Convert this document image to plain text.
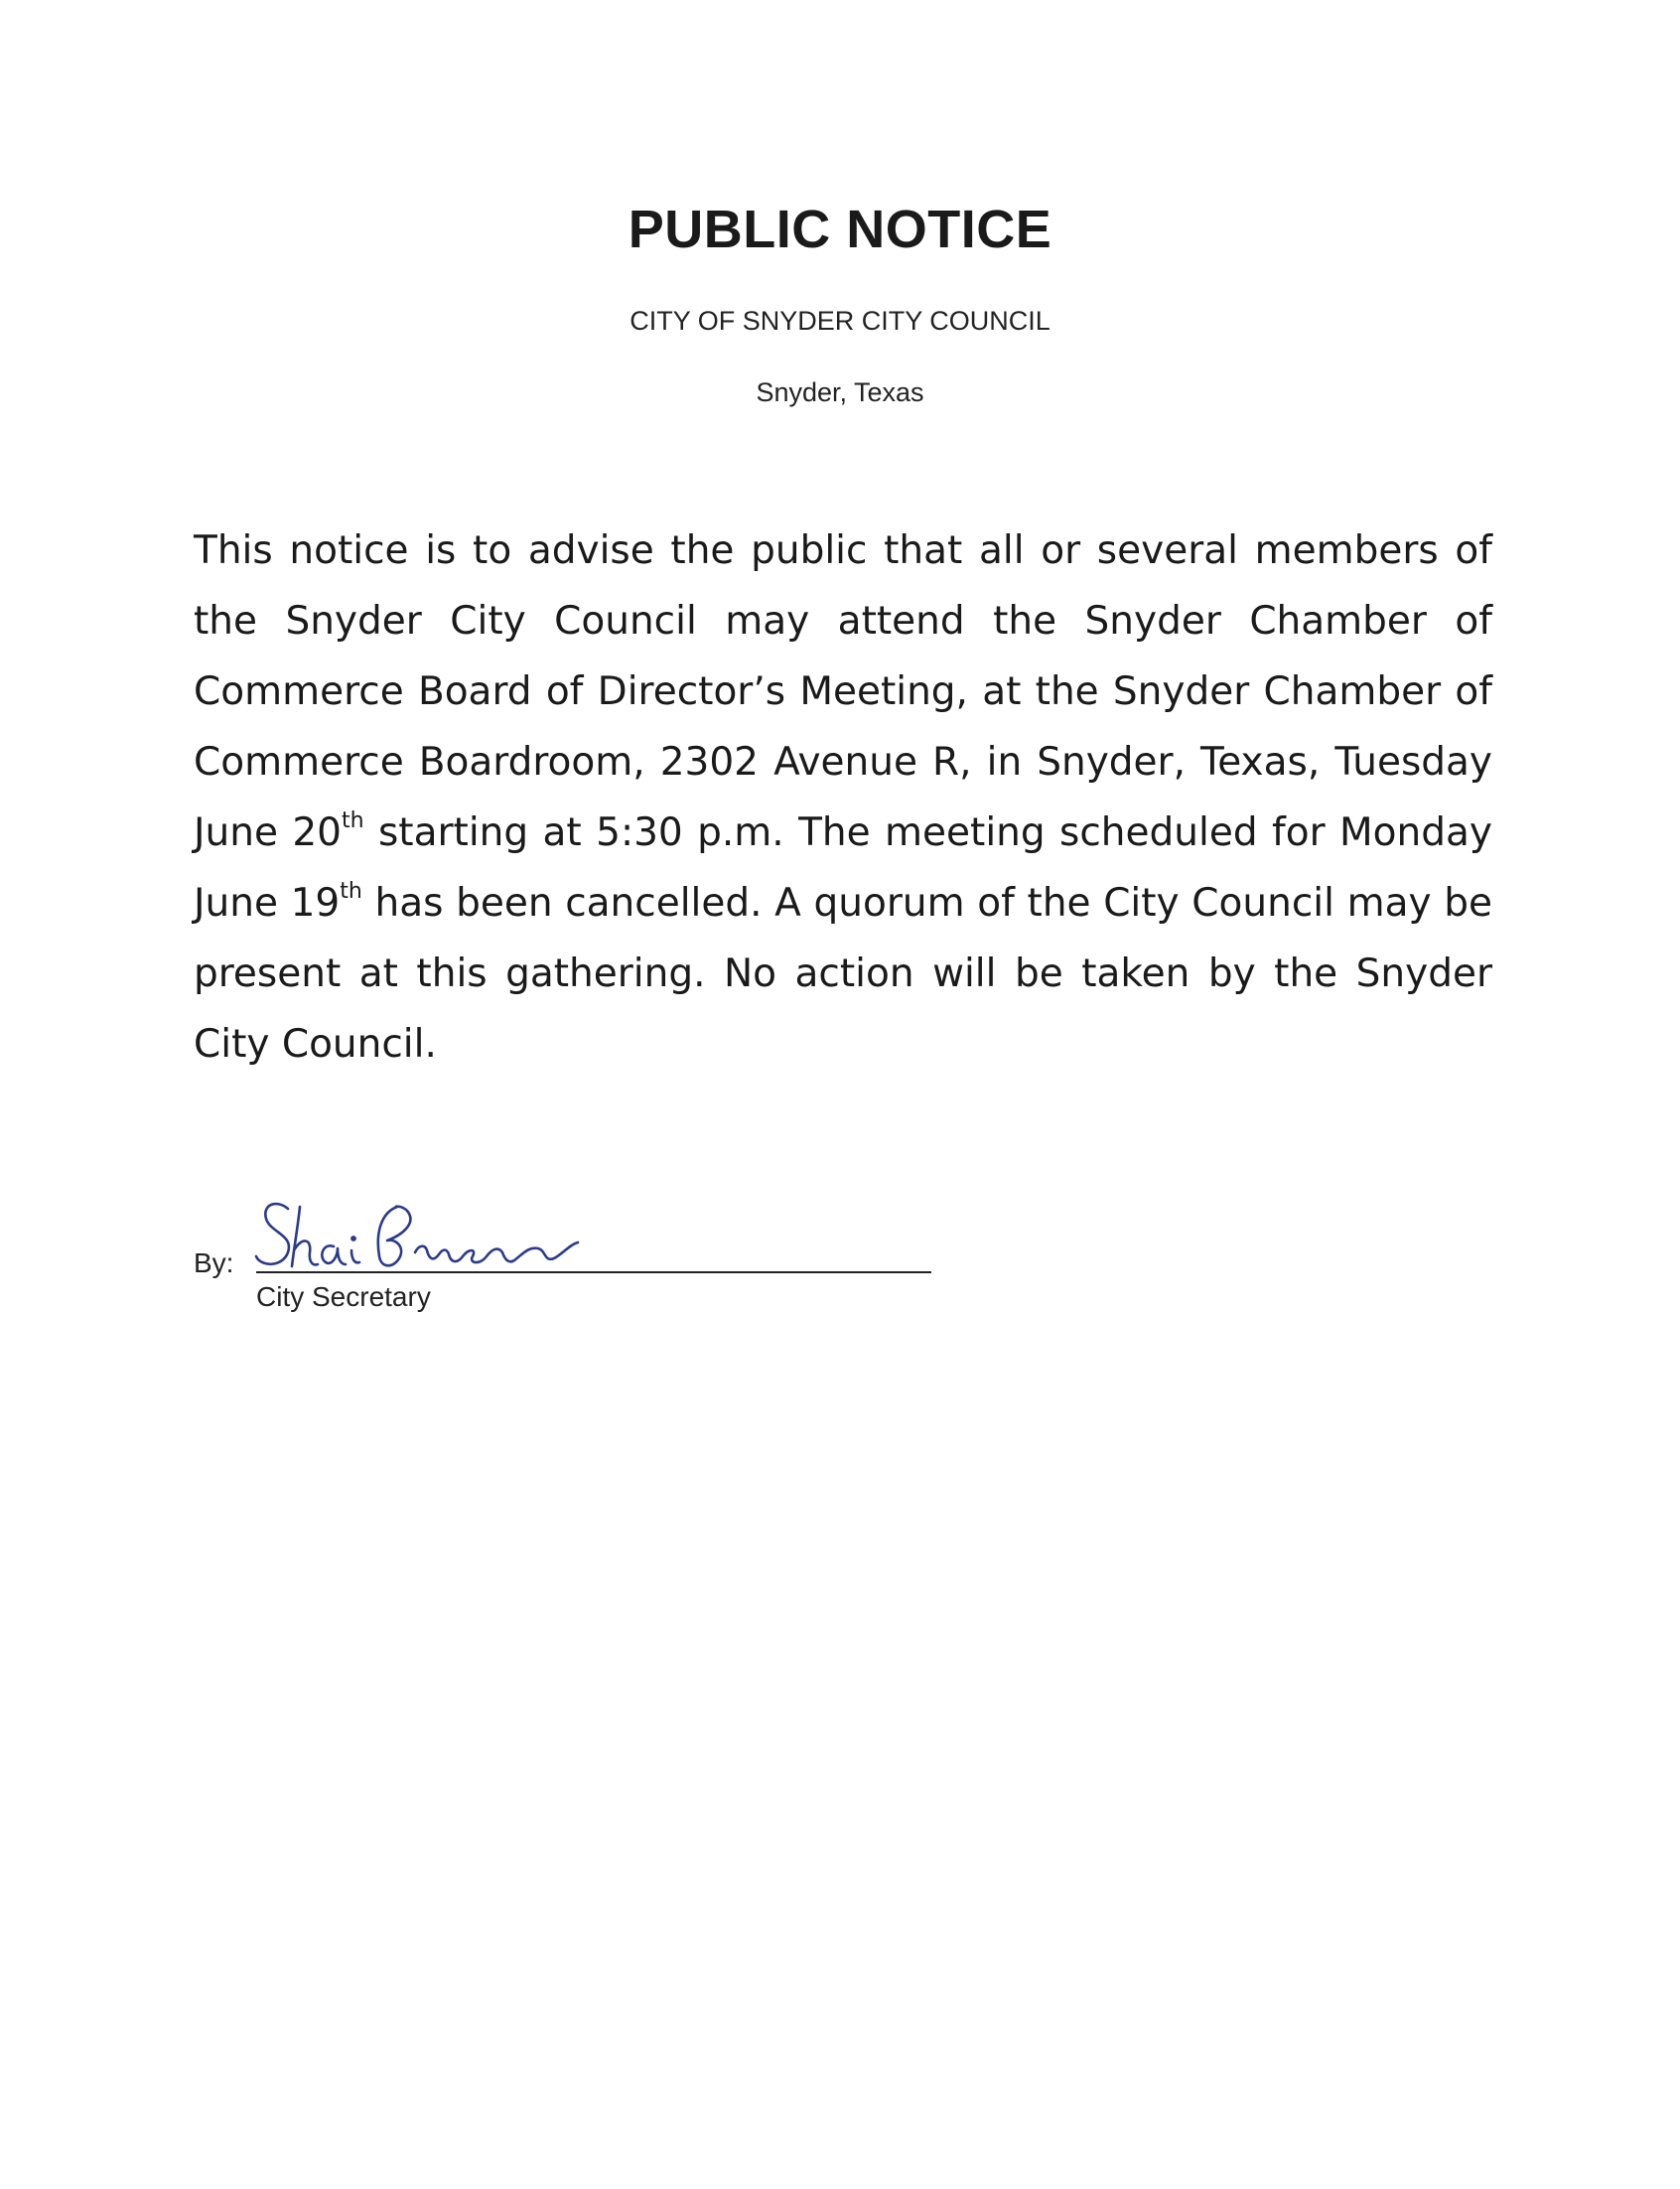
PUBLIC NOTICE
CITY OF SNYDER CITY COUNCIL
Snyder, Texas

This notice is to advise the public that all or several members of the Snyder City Council may attend the Snyder Chamber of Commerce Board of Director’s Meeting, at the Snyder Chamber of Commerce Boardroom, 2302 Avenue R, in Snyder, Texas, Tuesday June 20th starting at 5:30 p.m. The meeting scheduled for Monday June 19th has been cancelled. A quorum of the City Council may be present at this gathering. No action will be taken by the Snyder City Council.

By:
City Secretary
